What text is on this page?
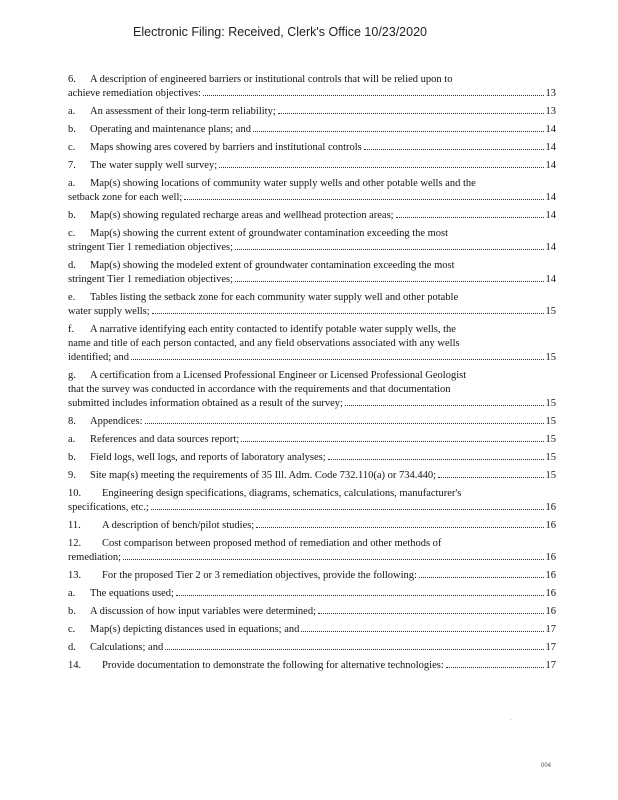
Electronic Filing: Received, Clerk's Office 10/23/2020
6. A description of engineered barriers or institutional controls that will be relied upon to
achieve remediation objectives:	13
a.	An assessment of their long-term reliability;	13
b.	Operating and maintenance plans; and	14
c.	Maps showing ares covered by barriers and institutional controls	14
7.	The water supply well survey;	14
a. Map(s) showing locations of community water supply wells and other potable wells and the
setback zone for each well;	14
b.	Map(s) showing regulated recharge areas and wellhead protection areas;	14
c. Map(s) showing the current extent of groundwater contamination exceeding the most
stringent Tier 1 remediation objectives;	14
d. Map(s) showing the modeled extent of groundwater contamination exceeding the most
stringent Tier 1 remediation objectives;	14
e. Tables listing the setback zone for each community water supply well and other potable
water supply wells;	15
f. A narrative identifying each entity contacted to identify potable water supply wells, the
name and title of each person contacted, and any field observations associated with any wells
identified; and	15
g. A certification from a Licensed Professional Engineer or Licensed Professional Geologist
that the survey was conducted in accordance with the requirements and that documentation
submitted includes information obtained as a result of the survey;	15
8.	Appendices:	15
a.	References and data sources report;	15
b.	Field logs, well logs, and reports of laboratory analyses;	15
9.	Site map(s) meeting the requirements of 35 Ill. Adm. Code 732.110(a) or 734.440;	15
10. Engineering design specifications, diagrams, schematics, calculations, manufacturer's
specifications, etc.;	16
11.	A description of bench/pilot studies;	16
12. Cost comparison between proposed method of remediation and other methods of
remediation;	16
13.	For the proposed Tier 2 or 3 remediation objectives, provide the following:	16
a.	The equations used;	16
b.	A discussion of how input variables were determined;	16
c.	Map(s) depicting distances used in equations; and	17
d.	Calculations; and	17
14.	Provide documentation to demonstrate the following for alternative technologies:	17
.
004
